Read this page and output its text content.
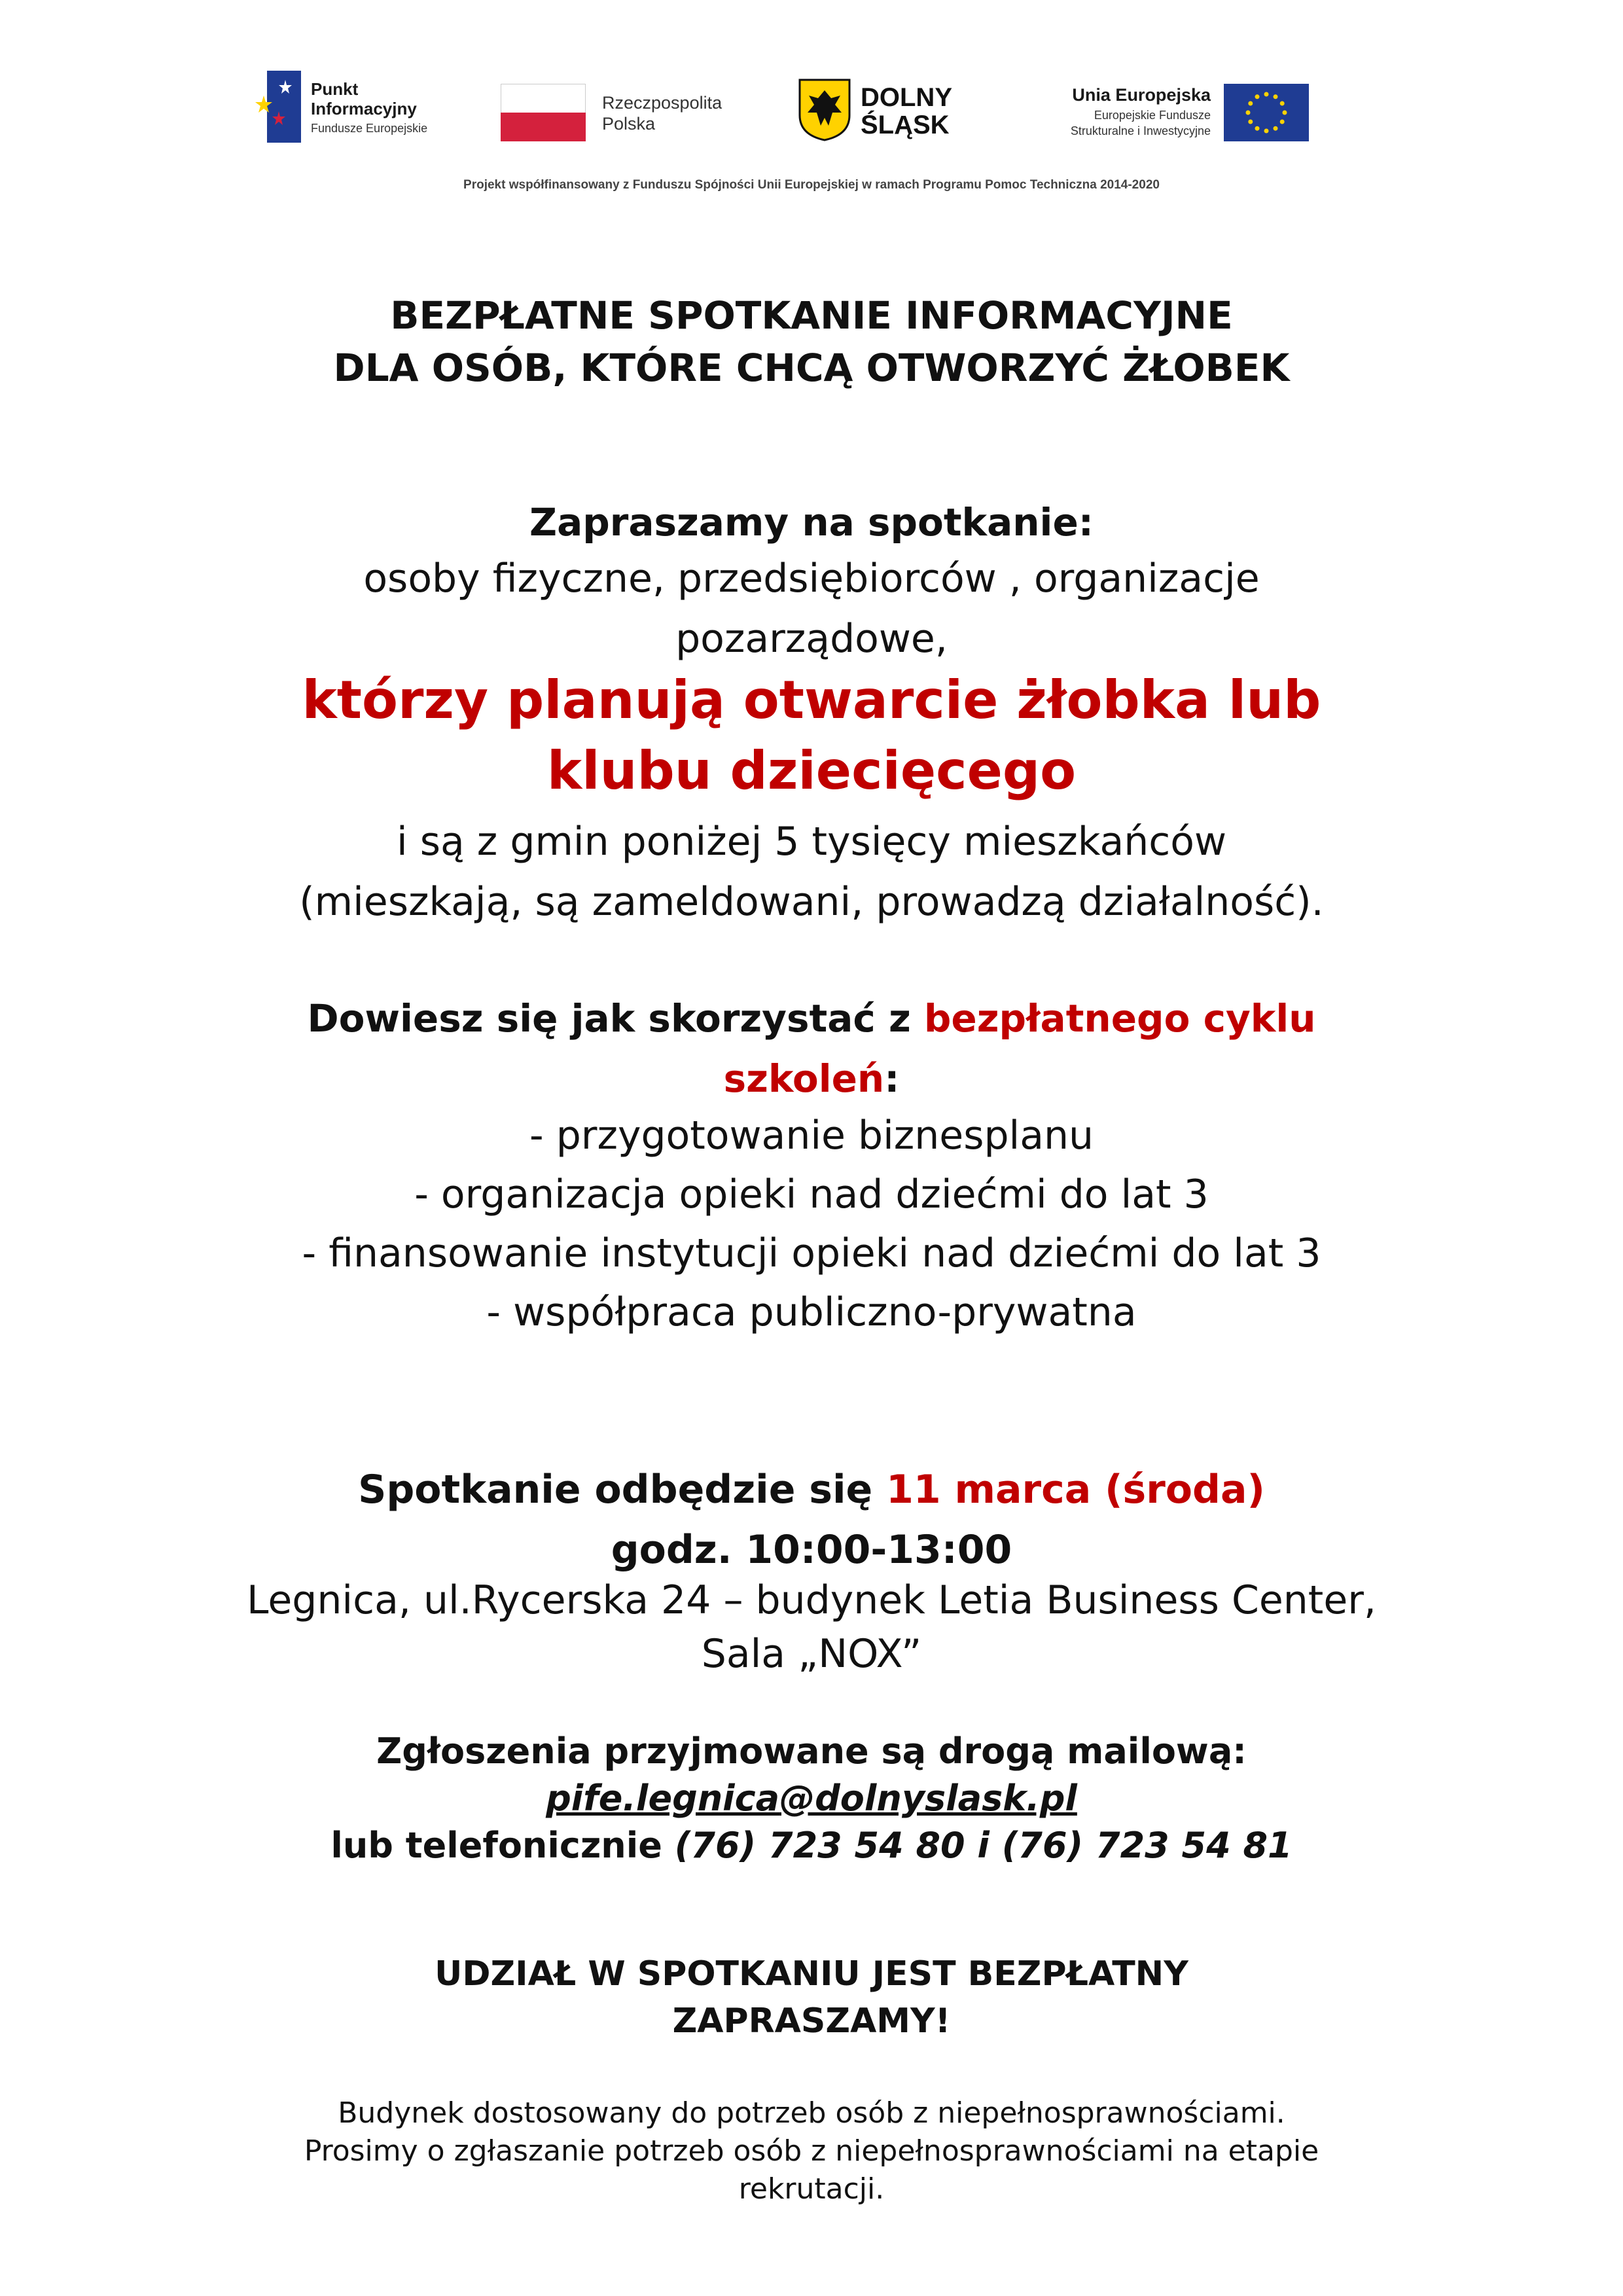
Punkt
Informacyjny
Fundusze Europejskie
Rzeczpospolita
Polska
DOLNY
ŚLĄSK
Unia Europejska
Europejskie Fundusze
Strukturalne i Inwestycyjne
Projekt współfinansowany z Funduszu Spójności Unii Europejskiej w ramach Programu Pomoc Techniczna 2014-2020
BEZPŁATNE SPOTKANIE INFORMACYJNE
DLA OSÓB, KTÓRE CHCĄ OTWORZYĆ ŻŁOBEK
Zapraszamy na spotkanie:
osoby fizyczne, przedsiębiorców , organizacje
pozarządowe,
którzy planują otwarcie żłobka lub
klubu dziecięcego
i są z gmin poniżej 5 tysięcy mieszkańców
(mieszkają, są zameldowani, prowadzą działalność).
Dowiesz się jak skorzystać z bezpłatnego cyklu
szkoleń:
- przygotowanie biznesplanu
- organizacja opieki nad dziećmi do lat 3
- finansowanie instytucji opieki nad dziećmi do lat 3
- współpraca publiczno-prywatna
Spotkanie odbędzie się 11 marca (środa)
godz. 10:00-13:00
Legnica, ul.Rycerska 24 – budynek Letia Business Center,
Sala „NOX”
Zgłoszenia przyjmowane są drogą mailową:
pife.legnica@dolnyslask.pl
lub telefonicznie (76) 723 54 80 i (76) 723 54 81
UDZIAŁ W SPOTKANIU JEST BEZPŁATNY
ZAPRASZAMY!
Budynek dostosowany do potrzeb osób z niepełnosprawnościami.
Prosimy o zgłaszanie potrzeb osób z niepełnosprawnościami na etapie
rekrutacji.
